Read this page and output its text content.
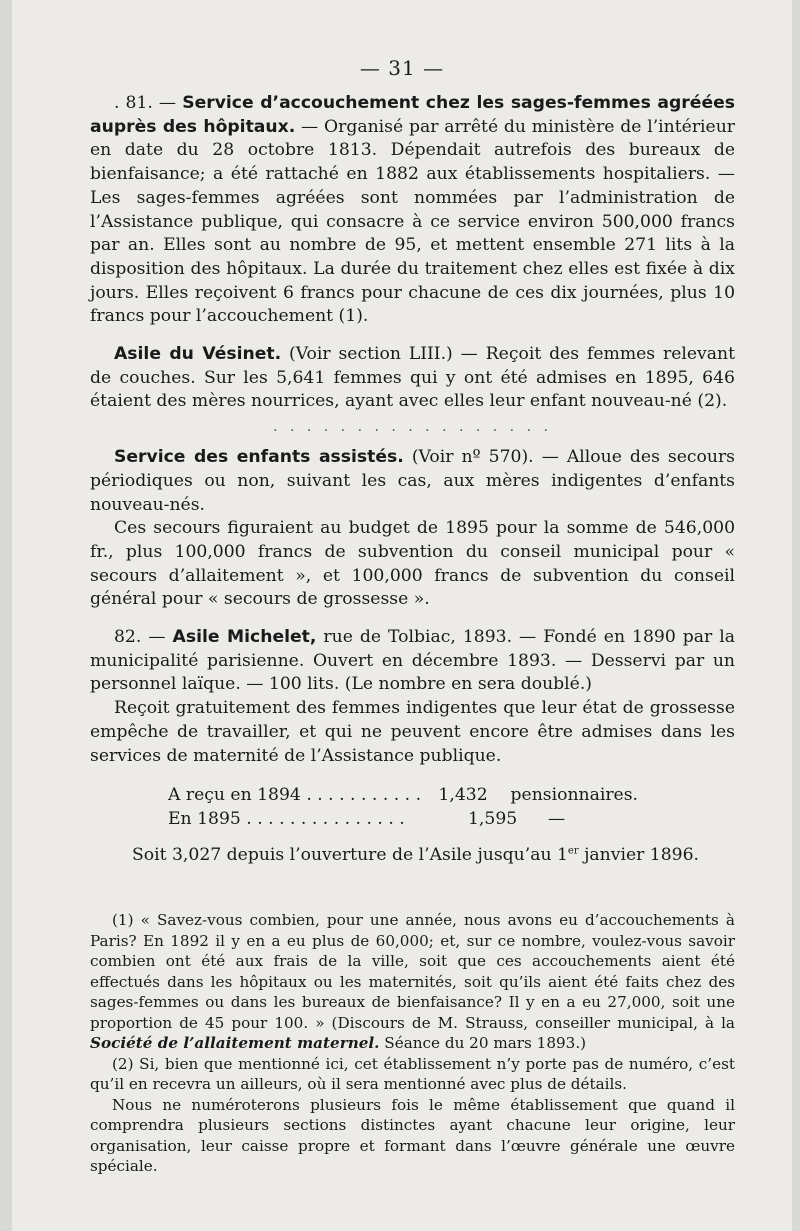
— 31 —

. 81. — Service d’accouchement chez les sages-femmes agréées auprès des hôpitaux. — Organisé par arrêté du ministère de l’intérieur en date du 28 octobre 1813. Dépendait autrefois des bureaux de bienfaisance; a été rattaché en 1882 aux établissements hospitaliers. — Les sages-femmes agréées sont nommées par l’administration de l’Assistance publique, qui consacre à ce service environ 500,000 francs par an. Elles sont au nombre de 95, et mettent ensemble 271 lits à la disposition des hôpitaux. La durée du traitement chez elles est fixée à dix jours. Elles reçoivent 6 francs pour chacune de ces dix journées, plus 10 francs pour l’accouchement (1).

Asile du Vésinet. (Voir section LIII.) — Reçoit des femmes relevant de couches. Sur les 5,641 femmes qui y ont été admises en 1895, 646 étaient des mères nourrices, ayant avec elles leur enfant nouveau-né (2).

. . . . . . . . . . . . . . . . .

Service des enfants assistés. (Voir nº 570). — Alloue des secours périodiques ou non, suivant les cas, aux mères indigentes d’enfants nouveau-nés.

Ces secours figuraient au budget de 1895 pour la somme de 546,000 fr., plus 100,000 francs de subvention du conseil municipal pour « secours d’allaitement », et 100,000 francs de subvention du conseil général pour « secours de grossesse ».

82. — Asile Michelet, rue de Tolbiac, 1893. — Fondé en 1890 par la municipalité parisienne. Ouvert en décembre 1893. — Desservi par un personnel laïque. — 100 lits. (Le nombre en sera doublé.)

Reçoit gratuitement des femmes indigentes que leur état de grossesse empêche de travailler, et qui ne peuvent encore être admises dans les services de maternité de l’Assistance publique.

A reçu en 1894 . . . . . . . . . . .	1,432	pensionnaires.
En 1895 . . . . . . . . . . . . . . .	1,595	—

Soit 3,027 depuis l’ouverture de l’Asile jusqu’au 1er janvier 1896.

(1) « Savez-vous combien, pour une année, nous avons eu d’accouchements à Paris? En 1892 il y en a eu plus de 60,000; et, sur ce nombre, voulez-vous savoir combien ont été aux frais de la ville, soit que ces accouchements aient été effectués dans les hôpitaux ou les maternités, soit qu’ils aient été faits chez des sages-femmes ou dans les bureaux de bienfaisance? Il y en a eu 27,000, soit une proportion de 45 pour 100. » (Discours de M. Strauss, conseiller municipal, à la Société de l’allaitement maternel. Séance du 20 mars 1893.)

(2) Si, bien que mentionné ici, cet établissement n’y porte pas de numéro, c’est qu’il en recevra un ailleurs, où il sera mentionné avec plus de détails.

Nous ne numéroterons plusieurs fois le même établissement que quand il comprendra plusieurs sections distinctes ayant chacune leur origine, leur organisation, leur caisse propre et formant dans l’œuvre générale une œuvre spéciale.
